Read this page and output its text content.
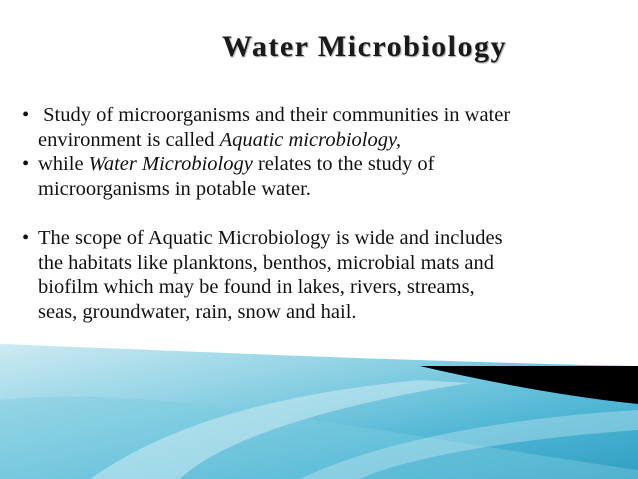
Water Microbiology
• Study of microorganisms and their communities in water
environment is called Aquatic microbiology,
• while Water Microbiology relates to the study of
microorganisms in potable water.
• The scope of Aquatic Microbiology is wide and includes
the habitats like planktons, benthos, microbial mats and
biofilm which may be found in lakes, rivers, streams,
seas, groundwater, rain, snow and hail.
